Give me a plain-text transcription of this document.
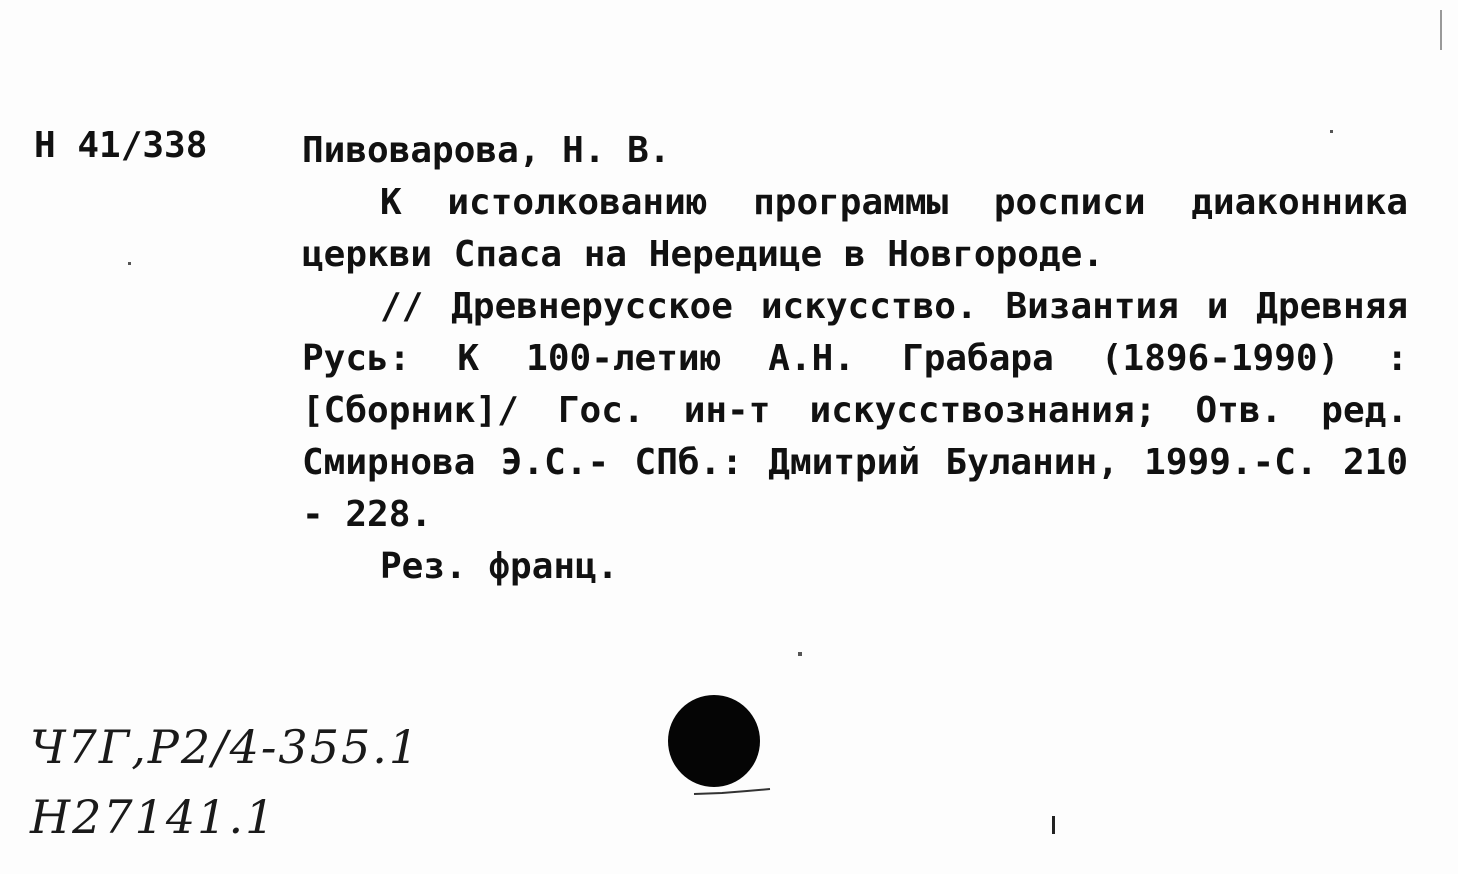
Н 41/338	Пивоварова, Н. В.

К истолкованию программы росписи диаконника церкви Спаса на Нередице в Новгороде.

// Древнерусское искусство. Византия и Древняя Русь: К 100-летию А.Н. Грабара (1896-1990) : [Сборник]/ Гос. ин-т искусствознания; Отв. ред. Смирнова Э.С.- СПб.: Дмитрий Буланин, 1999.-С. 210 - 228.

Рез. франц.

Ч7Г,Р2/4-355.1
Н27141.1
